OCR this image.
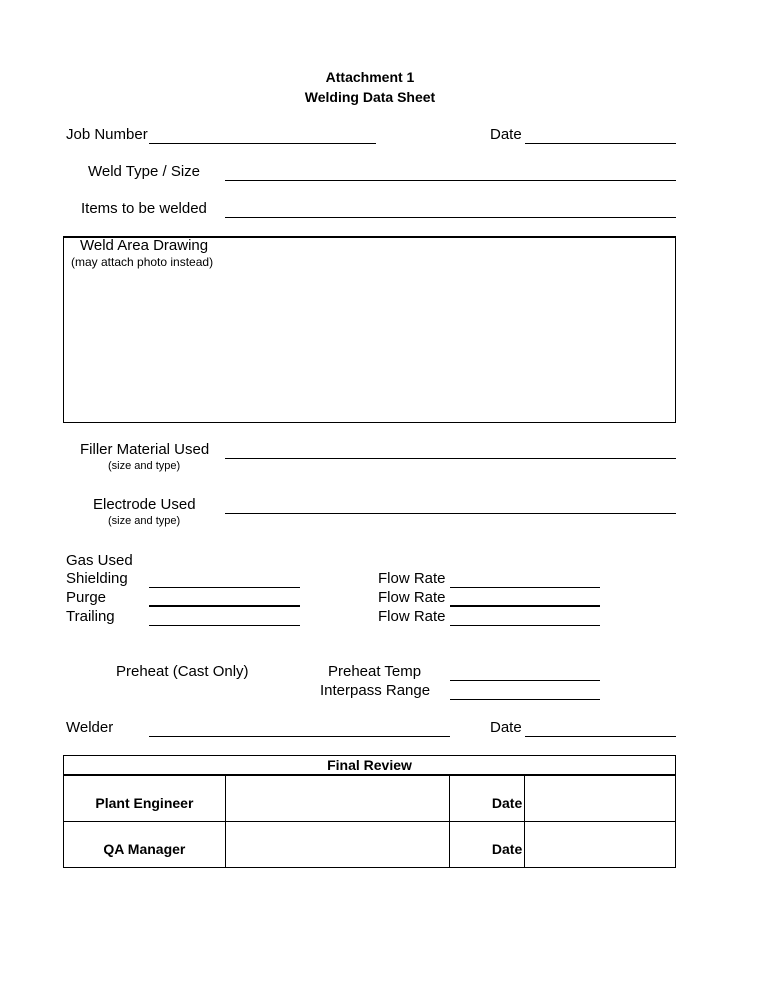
Attachment 1
Welding Data Sheet
Job Number	Date
Weld Type / Size
Items to be welded
Weld Area Drawing
(may attach photo instead)
Filler Material Used
(size and type)
Electrode Used
(size and type)
Gas Used
Shielding	Flow Rate
Purge	Flow Rate
Trailing	Flow Rate
Preheat (Cast Only)	Preheat Temp
Interpass Range
Welder	Date
Final Review			
Plant Engineer		Date	
QA Manager		Date	
